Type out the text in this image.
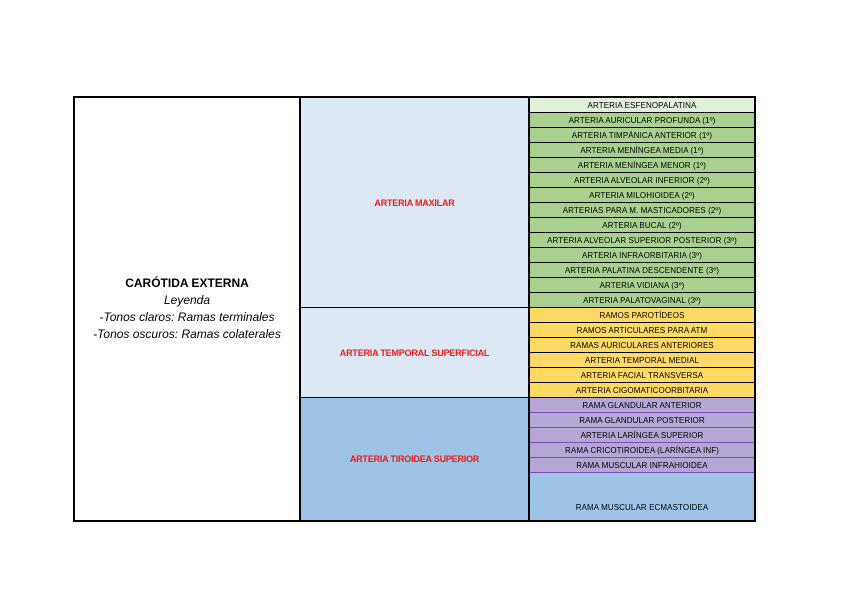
CARÓTIDA EXTERNA
Leyenda
-Tonos claros: Ramas terminales
-Tonos oscuros: Ramas colaterales
ARTERIA MAXILAR
ARTERIA TEMPORAL SUPERFICIAL
ARTERIA TIROIDEA SUPERIOR
ARTERIA ESFENOPALATINA
ARTERIA AURICULAR PROFUNDA (1º)
ARTERIA TIMPÁNICA ANTERIOR (1º)
ARTERIA MENÍNGEA MEDIA (1º)
ARTERIA MENÍNGEA MENOR (1º)
ARTERIA ALVEOLAR INFERIOR (2º)
ARTERIA MILOHIOIDEA (2º)
ARTERIAS PARA M. MASTICADORES (2º)
ARTERIA BUCAL (2º)
ARTERIA ALVEOLAR SUPERIOR POSTERIOR (3º)
ARTERIA INFRAORBITARIA (3º)
ARTERIA PALATINA DESCENDENTE (3º)
ARTERIA VIDIANA (3º)
ARTERIA PALATOVAGINAL (3º)
RAMOS PAROTÍDEOS
RAMOS ARTICULARES PARA ATM
RAMAS AURICULARES ANTERIORES
ARTERIA TEMPORAL MEDIAL
ARTERIA FACIAL TRANSVERSA
ARTERIA CIGOMATICOORBITARIA
RAMA GLANDULAR ANTERIOR
RAMA GLANDULAR POSTERIOR
ARTERIA LARÍNGEA SUPERIOR
RAMA CRICOTIROIDEA (LARÍNGEA INF)
RAMA MUSCULAR INFRAHIOIDEA
RAMA MUSCULAR ECMASTOIDEA
